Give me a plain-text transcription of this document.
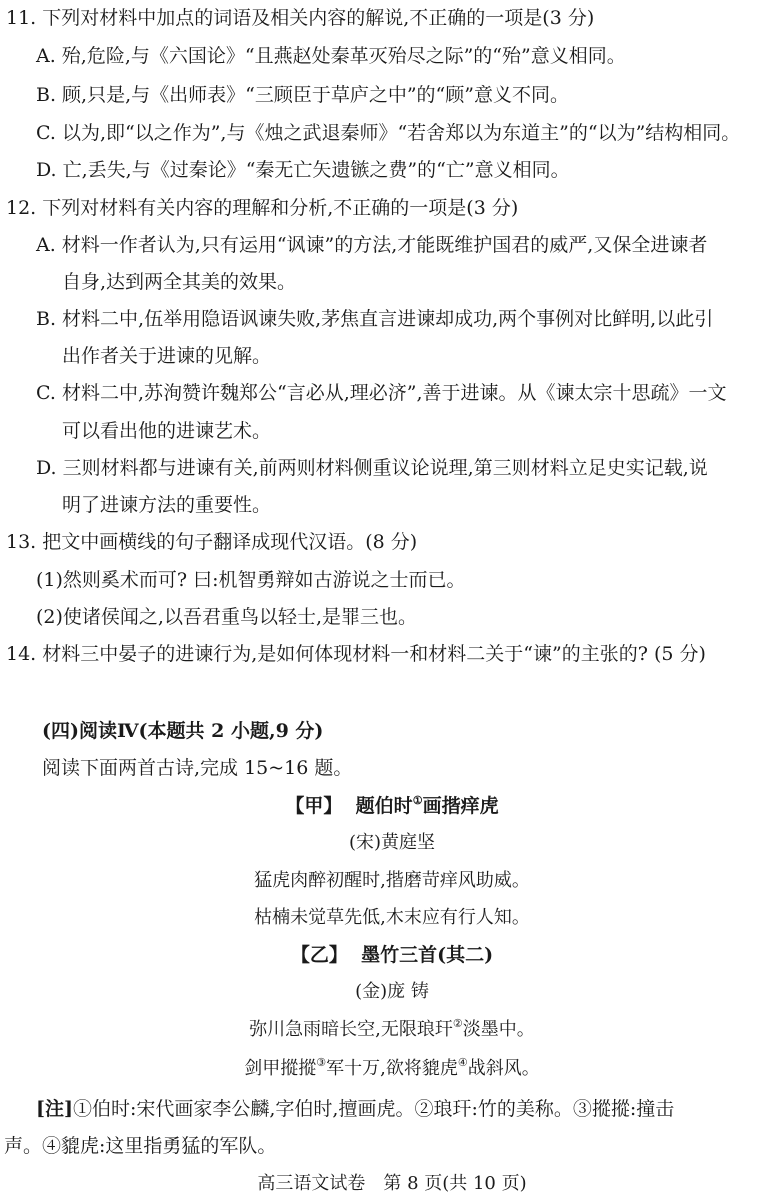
11. 下列对材料中加点的词语及相关内容的解说,不正确的一项是(3 分)
A. 殆,危险,与《六国论》“且燕赵处秦革灭殆尽之际”的“殆”意义相同。
B. 顾,只是,与《出师表》“三顾臣于草庐之中”的“顾”意义不同。
C. 以为,即“以之作为”,与《烛之武退秦师》“若舍郑以为东道主”的“以为”结构相同。
D. 亡,丢失,与《过秦论》“秦无亡矢遗镞之费”的“亡”意义相同。
12. 下列对材料有关内容的理解和分析,不正确的一项是(3 分)
A. 材料一作者认为,只有运用“讽谏”的方法,才能既维护国君的威严,又保全进谏者
自身,达到两全其美的效果。
B. 材料二中,伍举用隐语讽谏失败,茅焦直言进谏却成功,两个事例对比鲜明,以此引
出作者关于进谏的见解。
C. 材料二中,苏洵赞许魏郑公“言必从,理必济”,善于进谏。从《谏太宗十思疏》一文
可以看出他的进谏艺术。
D. 三则材料都与进谏有关,前两则材料侧重议论说理,第三则材料立足史实记载,说
明了进谏方法的重要性。
13. 把文中画横线的句子翻译成现代汉语。(8 分)
(1)然则奚术而可? 曰:机智勇辩如古游说之士而已。
(2)使诸侯闻之,以吾君重鸟以轻士,是罪三也。
14. 材料三中晏子的进谏行为,是如何体现材料一和材料二关于“谏”的主张的? (5 分)
(四)阅读Ⅳ(本题共 2 小题,9 分)
阅读下面两首古诗,完成 15~16 题。
【甲】 题伯时①画揩痒虎
(宋)黄庭坚
猛虎肉醉初醒时,揩磨苛痒风助威。
枯楠未觉草先低,木末应有行人知。
【乙】 墨竹三首(其二)
(金)庞 铸
弥川急雨暗长空,无限琅玕②淡墨中。
剑甲摐摐③军十万,欲将貔虎④战斜风。
[注]①伯时:宋代画家李公麟,字伯时,擅画虎。②琅玕:竹的美称。③摐摐:撞击
声。④貔虎:这里指勇猛的军队。
高三语文试卷　第 8 页(共 10 页)
